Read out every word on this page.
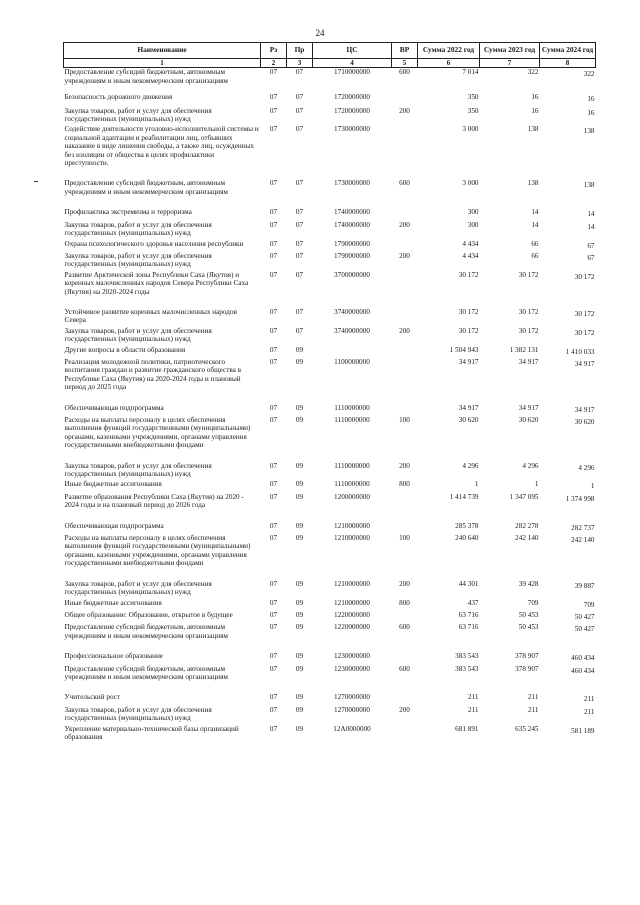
24
Наименование	Рз	Пр	ЦС	ВР	Сумма 2022 год	Сумма 2023 год	Сумма 2024 год
1	2	3	4	5	6	7	8
Предоставление субсидий бюджетным, автономным учреждениям и иным некоммерческим организациям	07	07	1710000000	600	7 014	322	322
Безопасность дорожного движения	07	07	1720000000		350	16	16
Закупка товаров, работ и услуг для обеспечения государственных (муниципальных) нужд	07	07	1720000000	200	350	16	16
Содействие деятельности уголовно-исполнительной системы и социальной адаптации и реабилитации лиц, отбывших наказание в виде лишения свободы, а также лиц, осужденных без изоляции от общества в целях профилактики преступности.	07	07	1730000000		3 000	138	138
Предоставление субсидий бюджетным, автономным учреждениям и иным некоммерческим организациям	07	07	1730000000	600	3 000	138	138
Профилактика экстремизма и терроризма	07	07	1740000000		300	14	14
Закупка товаров, работ и услуг для обеспечения государственных (муниципальных) нужд	07	07	1740000000	200	300	14	14
Охрана психологического здоровья населения республики	07	07	1790000000		4 434	66	67
Закупка товаров, работ и услуг для обеспечения государственных (муниципальных) нужд	07	07	1790000000	200	4 434	66	67
Развитие Арктической зоны Республики Саха (Якутия) и коренных малочисленных народов Севера Республики Саха (Якутия) на 2020-2024 годы	07	07	3700000000		30 172	30 172	30 172
Устойчивое развитие коренных малочисленных народов Севера	07	07	3740000000		30 172	30 172	30 172
Закупка товаров, работ и услуг для обеспечения государственных (муниципальных) нужд	07	07	3740000000	200	30 172	30 172	30 172
Другие вопросы в области образования	07	09			1 504 943	1 382 131	1 410 033
Реализация молодежной политики, патриотического воспитания граждан и развитие гражданского общества в Республике Саха (Якутия) на 2020-2024 годы и плановый период до 2025 года	07	09	1100000000		34 917	34 917	34 917
Обеспечивающая подпрограмма	07	09	1110000000		34 917	34 917	34 917
Расходы на выплаты персоналу в целях обеспечения выполнения функций государственными (муниципальными) органами, казенными учреждениями, органами управления государственными внебюджетными фондами	07	09	1110000000	100	30 620	30 620	30 620
Закупка товаров, работ и услуг для обеспечения государственных (муниципальных) нужд	07	09	1110000000	200	4 296	4 296	4 296
Иные бюджетные ассигнования	07	09	1110000000	800	1	1	1
Развитие образования Республики Саха (Якутия) на 2020 - 2024 годы и на плановый период до 2026 года	07	09	1200000000		1 414 739	1 347 095	1 374 998
Обеспечивающая подпрограмма	07	09	1210000000		285 378	282 278	282 737
Расходы на выплаты персоналу в целях обеспечения выполнения функций государственными (муниципальными) органами, казенными учреждениями, органами управления государственными внебюджетными фондами	07	09	1210000000	100	240 640	242 140	242 140
Закупка товаров, работ и услуг для обеспечения государственных (муниципальных) нужд	07	09	1210000000	200	44 301	39 428	39 887
Иные бюджетные ассигнования	07	09	1210000000	800	437	709	709
Общее образование: Образование, открытое в будущее	07	09	1220000000		63 716	50 453	50 427
Предоставление субсидий бюджетным, автономным учреждениям и иным некоммерческим организациям	07	09	1220000000	600	63 716	50 453	50 427
Профессиональное образование	07	09	1230000000		383 543	378 907	460 434
Предоставление субсидий бюджетным, автономным учреждениям и иным некоммерческим организациям	07	09	1230000000	600	383 543	378 907	460 434
Учительский рост	07	09	1270000000		211	211	211
Закупка товаров, работ и услуг для обеспечения государственных (муниципальных) нужд	07	09	1270000000	200	211	211	211
Укрепление материально-технической базы организаций образования	07	09	12А0000000		681 891	635 245	581 189
